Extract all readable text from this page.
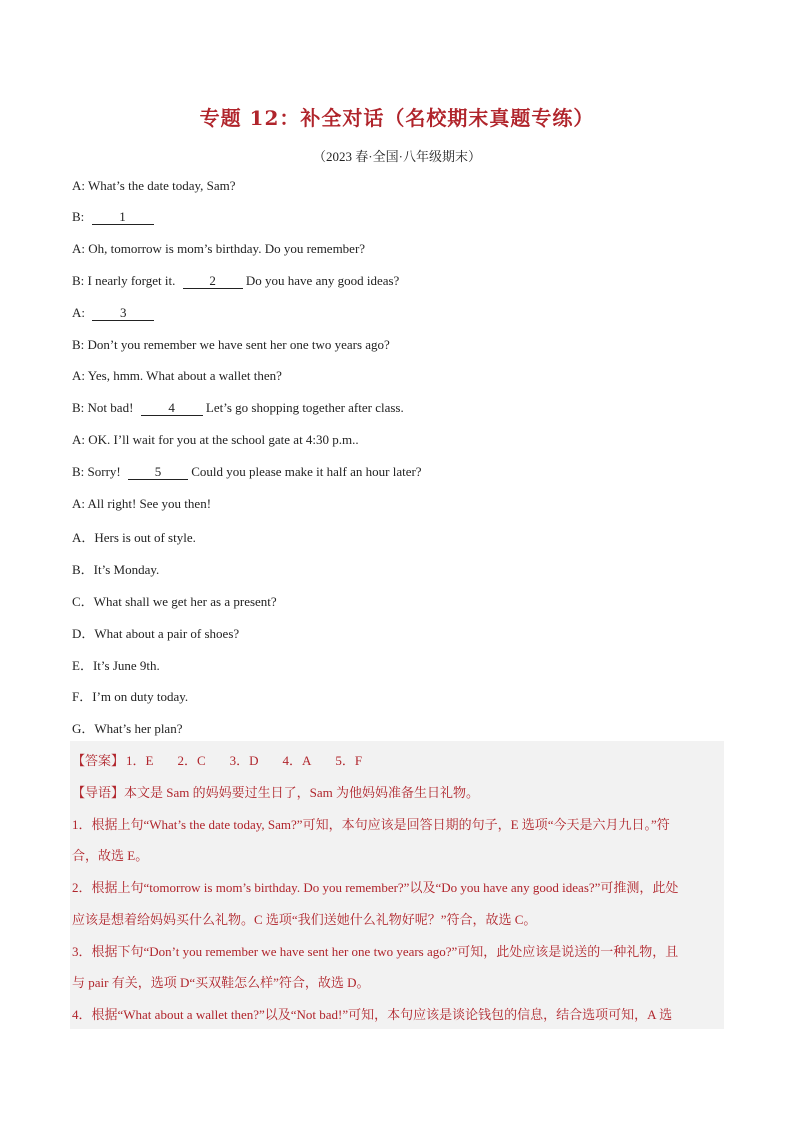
专题 12：补全对话（名校期末真题专练）
（2023 春·全国·八年级期末）
A: What’s the date today, Sam?
B:	1
A: Oh, tomorrow is mom’s birthday. Do you remember?
B: I nearly forget it.	2 Do you have any good ideas?
A:	3
B: Don’t you remember we have sent her one two years ago?
A: Yes, hmm. What about a wallet then?
B: Not bad!	4 Let’s go shopping together after class.
A: OK. I’ll wait for you at the school gate at 4:30 p.m..
B: Sorry!	5 Could you please make it half an hour later?
A: All right! See you then!
A．Hers is out of style.
B．It’s Monday.
C．What shall we get her as a present?
D．What about a pair of shoes?
E．It’s June 9th.
F．I’m on duty today.
G．What’s her plan?
【答案】 1．E 2．C 3．D 4．A 5．F
【导语】本文是 Sam 的妈妈要过生日了，Sam 为他妈妈准备生日礼物。
1．根据上句“What’s the date today, Sam?”可知，本句应该是回答日期的句子，E 选项“今天是六月九日。”符
合，故选 E。
2．根据上句“tomorrow is mom’s birthday. Do you remember?”以及“Do you have any good ideas?”可推测，此处
应该是想着给妈妈买什么礼物。C 选项“我们送她什么礼物好呢？”符合，故选 C。
3．根据下句“Don’t you remember we have sent her one two years ago?”可知，此处应该是说送的一种礼物，且
与 pair 有关，选项 D“买双鞋怎么样”符合，故选 D。
4．根据“What about a wallet then?”以及“Not bad!”可知，本句应该是谈论钱包的信息，结合选项可知，A 选
